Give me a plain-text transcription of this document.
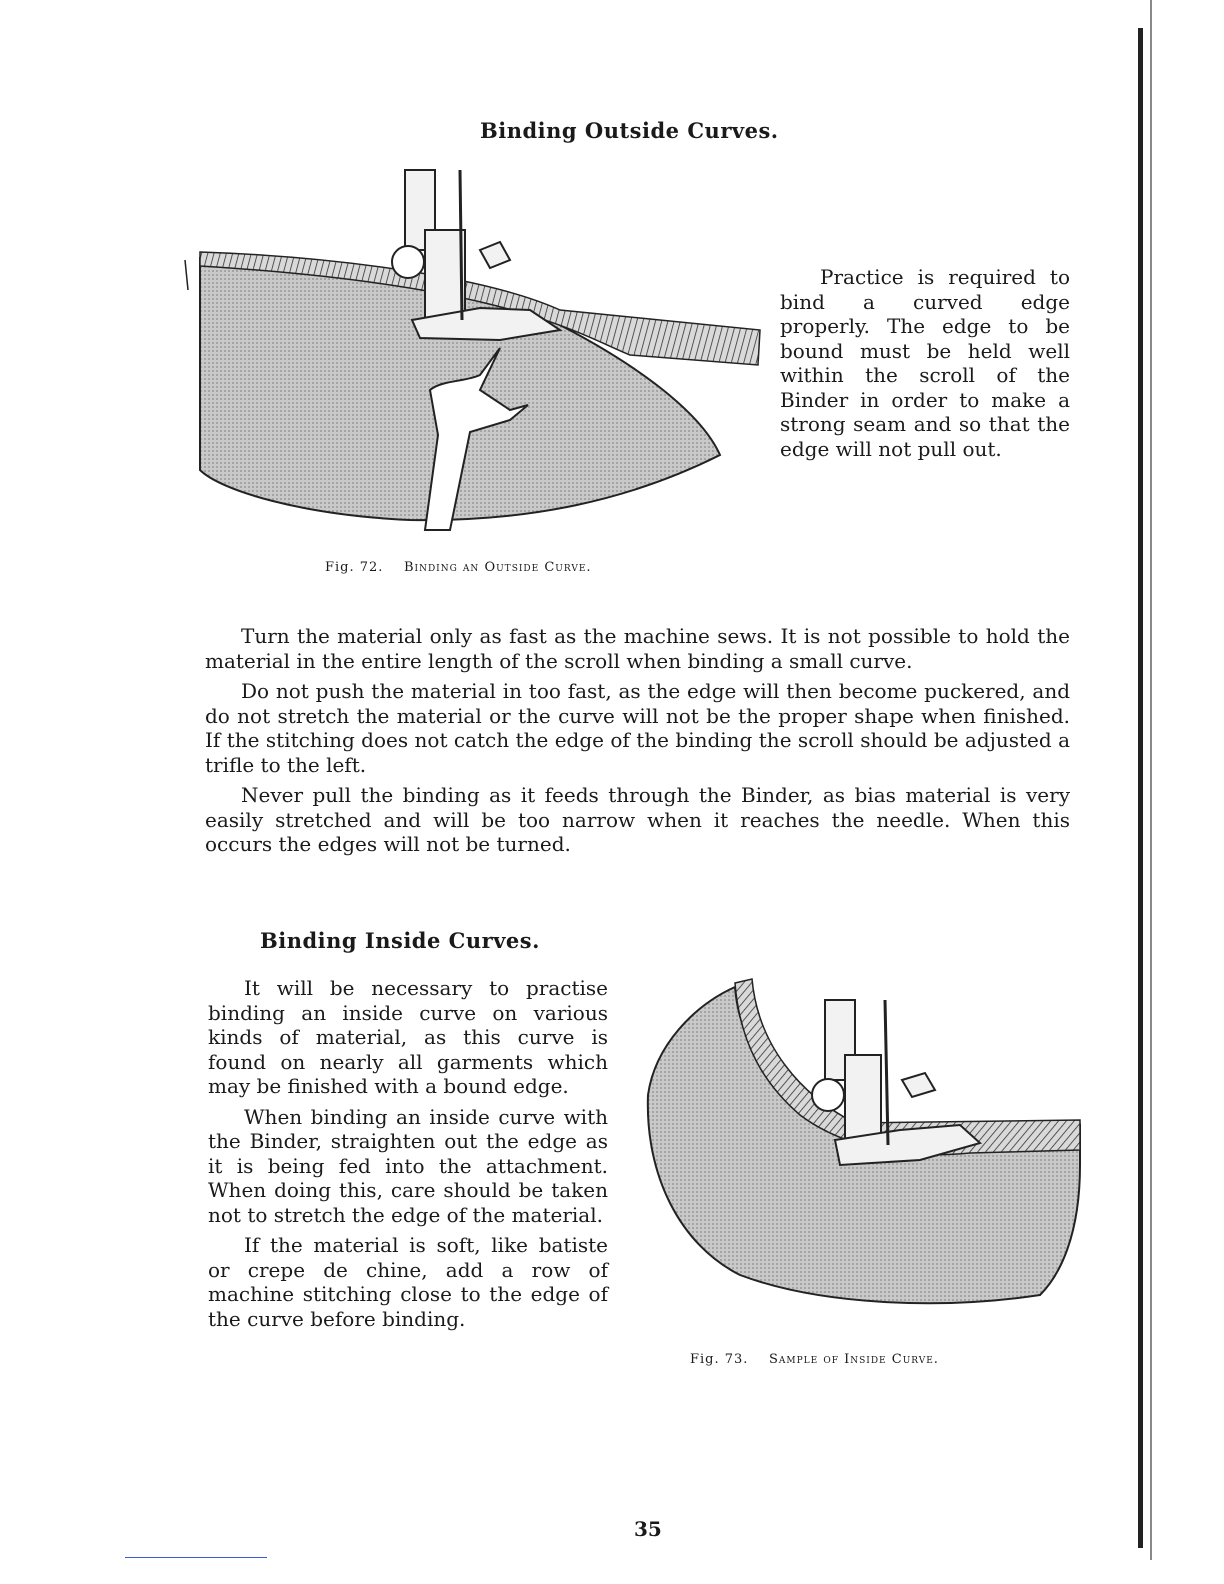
Binding Outside Curves.
Practice is required to bind a curved edge properly. The edge to be bound must be held well within the scroll of the Binder in order to make a strong seam and so that the edge will not pull out.
Fig. 72. Binding an Outside Curve.

Turn the material only as fast as the machine sews. It is not possible to hold the material in the entire length of the scroll when binding a small curve.

Do not push the material in too fast, as the edge will then become puckered, and do not stretch the material or the curve will not be the proper shape when finished. If the stitching does not catch the edge of the binding the scroll should be adjusted a trifle to the left.

Never pull the binding as it feeds through the Binder, as bias material is very easily stretched and will be too narrow when it reaches the needle. When this occurs the edges will not be turned.

Binding Inside Curves.

It will be necessary to practise binding an inside curve on various kinds of material, as this curve is found on nearly all garments which may be finished with a bound edge.

When binding an inside curve with the Binder, straighten out the edge as it is being fed into the attachment. When doing this, care should be taken not to stretch the edge of the material.

If the material is soft, like batiste or crepe de chine, add a row of machine stitching close to the edge of the curve before binding.

Fig. 73. Sample of Inside Curve.
35
